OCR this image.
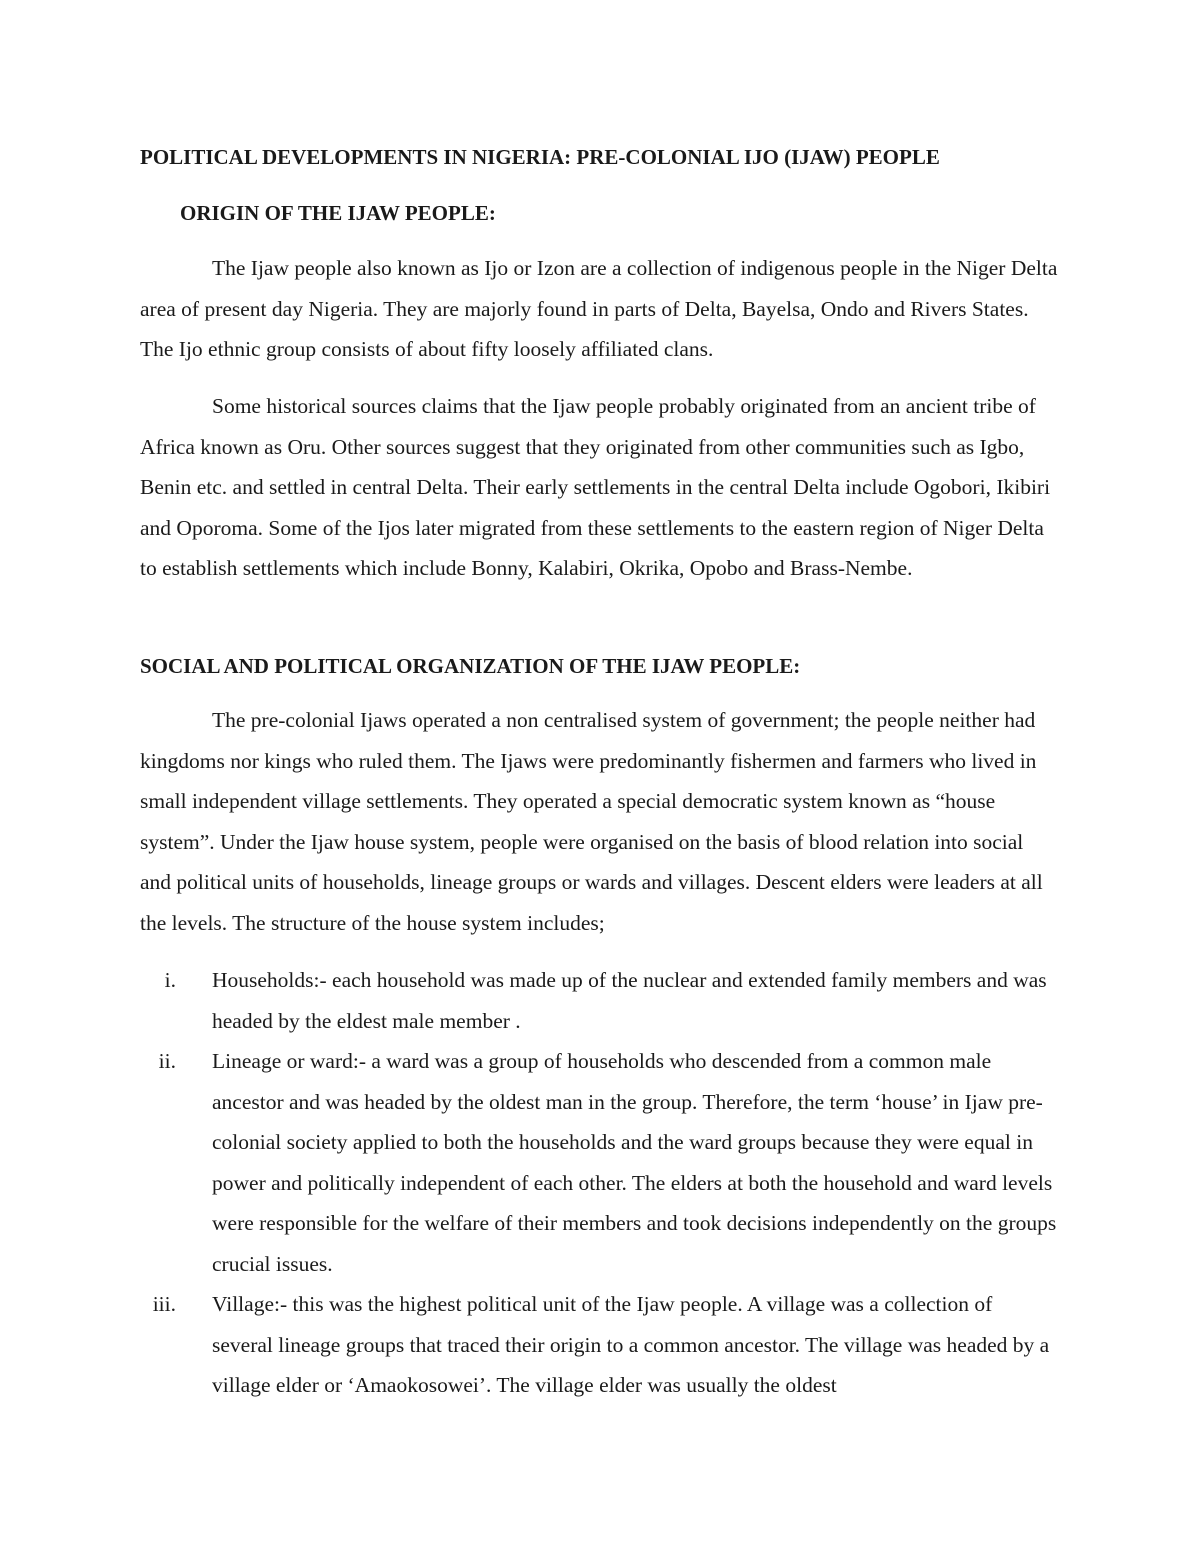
POLITICAL DEVELOPMENTS IN NIGERIA: PRE-COLONIAL IJO (IJAW) PEOPLE
ORIGIN OF THE IJAW PEOPLE:

The Ijaw people also known as Ijo or Izon are a collection of indigenous people in the Niger Delta area of present day Nigeria. They are majorly found in parts of Delta, Bayelsa, Ondo and Rivers States. The Ijo ethnic group consists of about fifty loosely affiliated clans.

Some historical sources claims that the Ijaw people probably originated from an ancient tribe of Africa known as Oru. Other sources suggest that they originated from other communities such as Igbo, Benin etc. and settled in central Delta. Their early settlements in the central Delta include Ogobori, Ikibiri and Oporoma. Some of the Ijos later migrated from these settlements to the eastern region of Niger Delta to establish settlements which include Bonny, Kalabiri, Okrika, Opobo and Brass-Nembe.

SOCIAL AND POLITICAL ORGANIZATION OF THE IJAW PEOPLE:

The pre-colonial Ijaws operated a non centralised system of government; the people neither had kingdoms nor kings who ruled them. The Ijaws were predominantly fishermen and farmers who lived in small independent village settlements. They operated a special democratic system known as “house system”. Under the Ijaw house system, people were organised on the basis of blood relation into social and political units of households, lineage groups or wards and villages. Descent elders were leaders at all the levels. The structure of the house system includes;

i.	Households:- each household was made up of the nuclear and extended family members and was headed by the eldest male member .
ii.	Lineage or ward:- a ward was a group of households who descended from a common male ancestor and was headed by the oldest man in the group. Therefore, the term ‘house’ in Ijaw pre-colonial society applied to both the households and the ward groups because they were equal in power and politically independent of each other. The elders at both the household and ward levels were responsible for the welfare of their members and took decisions independently on the groups crucial issues.
iii.	Village:- this was the highest political unit of the Ijaw people. A village was a collection of several lineage groups that traced their origin to a common ancestor. The village was headed by a village elder or ‘Amaokosowei’. The village elder was usually the oldest
